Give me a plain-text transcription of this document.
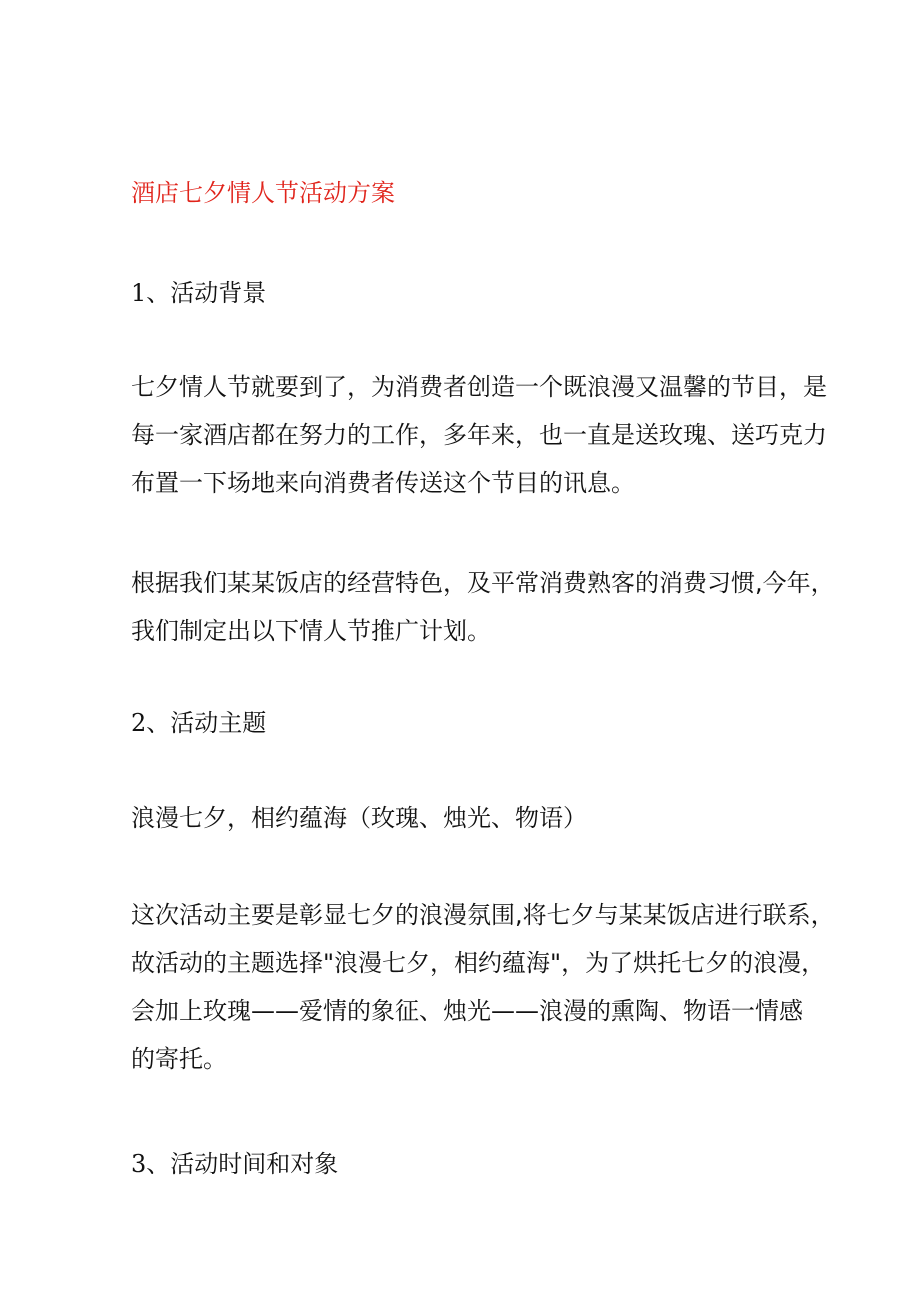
酒店七夕情人节活动方案
1、活动背景
七夕情人节就要到了，为消费者创造一个既浪漫又温馨的节目，是
每一家酒店都在努力的工作，多年来，也一直是送玫瑰、送巧克力
布置一下场地来向消费者传送这个节目的讯息。
根据我们某某饭店的经营特色，及平常消费熟客的消费习惯,今年，
我们制定出以下情人节推广计划。
2、活动主题
浪漫七夕，相约蕴海（玫瑰、烛光、物语）
这次活动主要是彰显七夕的浪漫氛围,将七夕与某某饭店进行联系，
故活动的主题选择"浪漫七夕，相约蕴海"，为了烘托七夕的浪漫，
会加上玫瑰——爱情的象征、烛光——浪漫的熏陶、物语一情感
的寄托。
3、活动时间和对象
